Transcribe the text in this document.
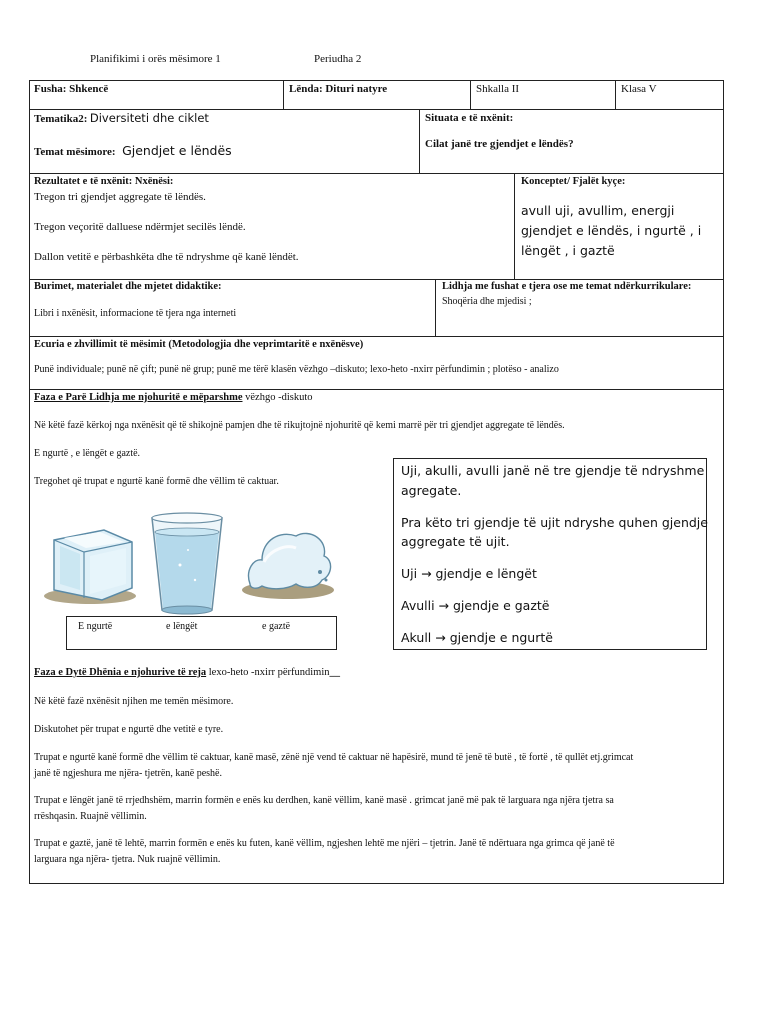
Planifikimi i orës mësimore 1	Periudha 2
Fusha: Shkencë	Lënda: Dituri natyre	Shkalla II	Klasa V
Tematika2: Diversiteti dhe ciklet
Temat mësimore: Gjendjet e lëndës
Situata e të nxënit:
Cilat janë tre gjendjet e lëndës?
Rezultatet e të nxënit: Nxënësi:
Tregon tri gjendjet aggregate të lëndës.
Tregon veçoritë dalluese ndërmjet secilës lëndë.
Dallon vetitë e përbashkëta dhe të ndryshme që kanë lëndët.
Konceptet/ Fjalët kyçe:
avull uji, avullim, energji
gjendjet e lëndës, i ngurtë , i
lëngët , i gaztë
Burimet, materialet dhe mjetet didaktike:
Libri i nxënësit, informacione të tjera nga interneti
Lidhja me fushat e tjera ose me temat ndërkurrikulare:
Shoqëria dhe mjedisi ;
Ecuria e zhvillimit të mësimit (Metodologjia dhe veprimtaritë e nxënësve)
Punë individuale; punë në çift; punë në grup; punë me tërë klasën vëzhgo –diskuto; lexo-heto -nxirr përfundimin ; plotëso - analizo
Faza e Parë Lidhja me njohuritë e mëparshme vëzhgo -diskuto
Në këtë fazë kërkoj nga nxënësit që të shikojnë pamjen dhe të rikujtojnë njohuritë që kemi marrë për tri gjendjet aggregate të lëndës.
E ngurtë , e lëngët e gaztë.
Tregohet që trupat e ngurtë kanë formë dhe vëllim të caktuar.
E ngurtë	e lëngët	e gaztë
Uji, akulli, avulli janë në tre gjendje të ndryshme
agregate.
Pra këto tri gjendje të ujit ndryshe quhen gjendje
aggregate të ujit.
Uji → gjendje e lëngët
Avulli → gjendje e gaztë
Akull → gjendje e ngurtë
Faza e Dytë Dhënia e njohurive të reja lexo-heto -nxirr përfundimin__
Në këtë fazë nxënësit njihen me temën mësimore.
Diskutohet për trupat e ngurtë dhe vetitë e tyre.
Trupat e ngurtë kanë formë dhe vëllim të caktuar, kanë masë, zënë një vend të caktuar në hapësirë, mund të jenë të butë , të fortë , të qullët etj.grimcat
janë të ngjeshura me njëra- tjetrën, kanë peshë.
Trupat e lëngët janë të rrjedhshëm, marrin formën e enës ku derdhen, kanë vëllim, kanë masë . grimcat janë më pak të larguara nga njëra tjetra sa
rrëshqasin. Ruajnë vëllimin.
Trupat e gaztë, janë të lehtë, marrin formën e enës ku futen, kanë vëllim, ngjeshen lehtë me njëri – tjetrin. Janë të ndërtuara nga grimca që janë të
larguara nga njëra- tjetra. Nuk ruajnë vëllimin.
